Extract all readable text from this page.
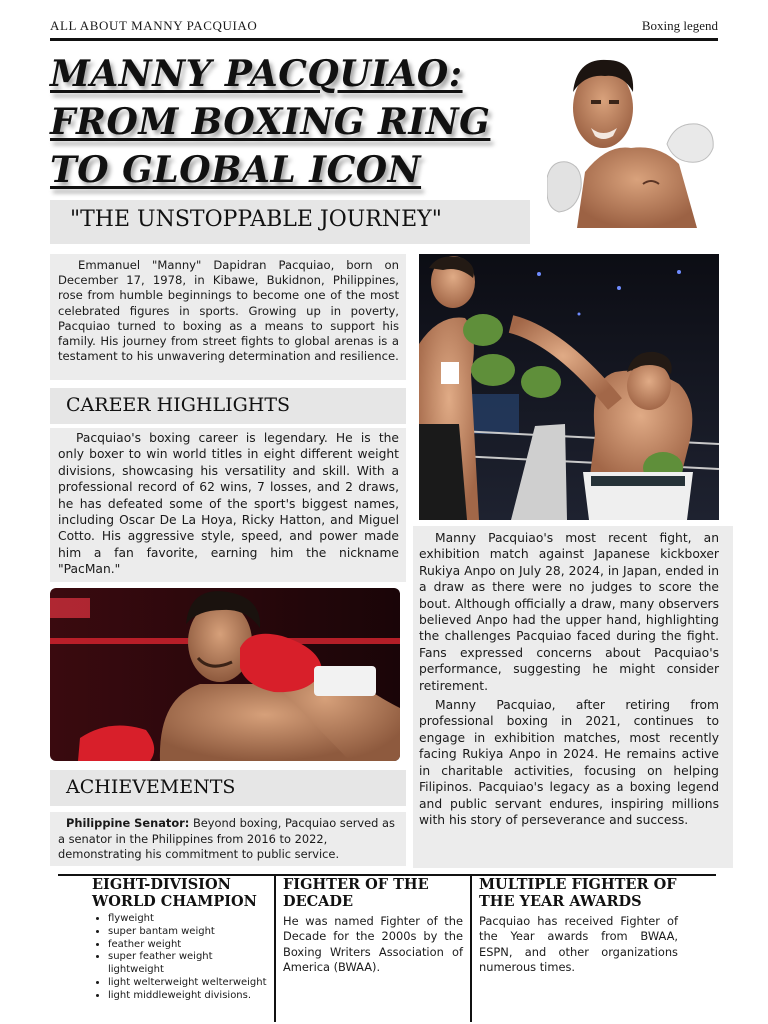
ALL ABOUT MANNY PACQUIAO	Boxing legend
MANNY PACQUIAO:
FROM BOXING RING
TO GLOBAL ICON
"THE UNSTOPPABLE JOURNEY"
Emmanuel "Manny" Dapidran Pacquiao, born on December 17, 1978, in Kibawe, Bukidnon, Philippines, rose from humble beginnings to become one of the most celebrated figures in sports. Growing up in poverty, Pacquiao turned to boxing as a means to support his family. His journey from street fights to global arenas is a testament to his unwavering determination and resilience.
CAREER HIGHLIGHTS
Pacquiao's boxing career is legendary. He is the only boxer to win world titles in eight different weight divisions, showcasing his versatility and skill. With a professional record of 62 wins, 7 losses, and 2 draws, he has defeated some of the sport's biggest names, including Oscar De La Hoya, Ricky Hatton, and Miguel Cotto. His aggressive style, speed, and power made him a fan favorite, earning him the nickname "PacMan."

Manny Pacquiao's most recent fight, an exhibition match against Japanese kickboxer Rukiya Anpo on July 28, 2024, in Japan, ended in a draw as there were no judges to score the bout. Although officially a draw, many observers believed Anpo had the upper hand, highlighting the challenges Pacquiao faced during the fight. Fans expressed concerns about Pacquiao's performance, suggesting he might consider retirement.

Manny Pacquiao, after retiring from professional boxing in 2021, continues to engage in exhibition matches, most recently facing Rukiya Anpo in 2024. He remains active in charitable activities, focusing on helping Filipinos. Pacquiao's legacy as a boxing legend and public servant endures, inspiring millions with his story of perseverance and success.

ACHIEVEMENTS
Philippine Senator: Beyond boxing, Pacquiao served as a senator in the Philippines from 2016 to 2022, demonstrating his commitment to public service.
EIGHT-DIVISION WORLD CHAMPION
• flyweight
• super bantam weight
• feather weight
• super feather weight lightweight
• light welterweight welterweight
• light middleweight divisions.
FIGHTER OF THE DECADE
He was named Fighter of the Decade for the 2000s by the Boxing Writers Association of America (BWAA).
MULTIPLE FIGHTER OF THE YEAR AWARDS
Pacquiao has received Fighter of the Year awards from BWAA, ESPN, and other organizations numerous times.
